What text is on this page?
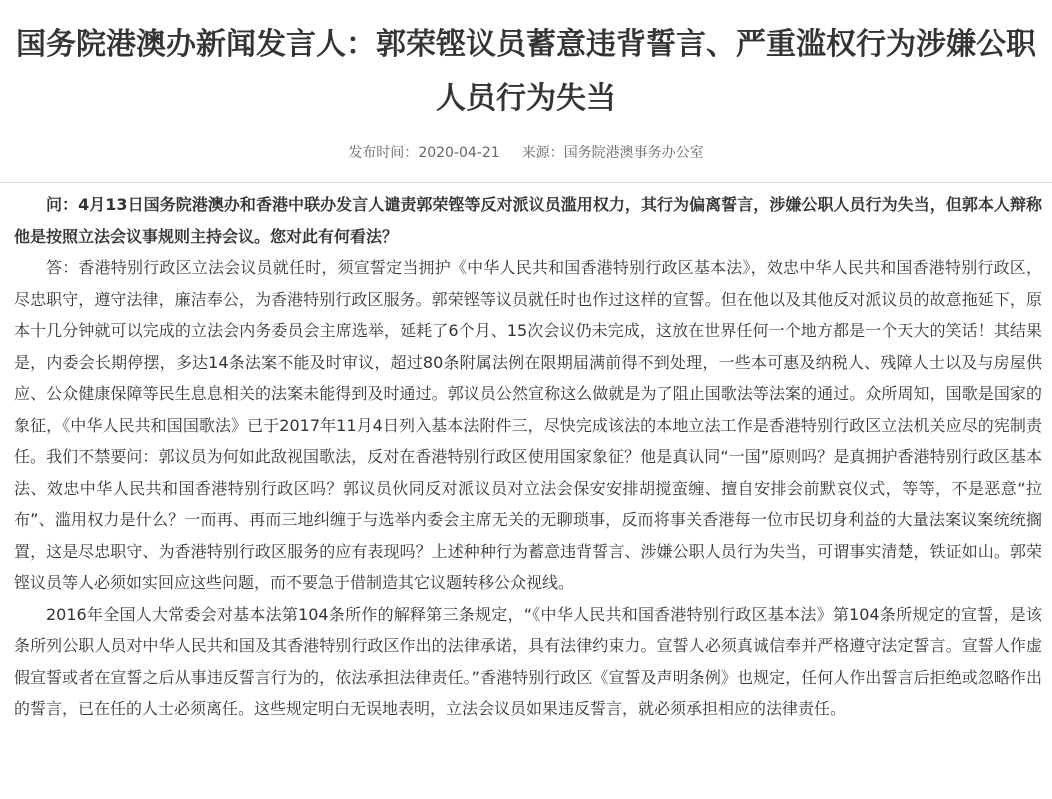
国务院港澳办新闻发言人：郭荣铿议员蓄意违背誓言、严重滥权行为涉嫌公职人员行为失当
发布时间：2020-04-21 来源：国务院港澳事务办公室

问：4月13日国务院港澳办和香港中联办发言人谴责郭荣铿等反对派议员滥用权力，其行为偏离誓言，涉嫌公职人员行为失当，但郭本人辩称他是按照立法会议事规则主持会议。您对此有何看法？

答：香港特别行政区立法会议员就任时，须宣誓定当拥护《中华人民共和国香港特别行政区基本法》，效忠中华人民共和国香港特别行政区，尽忠职守，遵守法律，廉洁奉公，为香港特别行政区服务。郭荣铿等议员就任时也作过这样的宣誓。但在他以及其他反对派议员的故意拖延下，原本十几分钟就可以完成的立法会内务委员会主席选举，延耗了6个月、15次会议仍未完成，这放在世界任何一个地方都是一个天大的笑话！其结果是，内委会长期停摆，多达14条法案不能及时审议，超过80条附属法例在限期届满前得不到处理，一些本可惠及纳税人、残障人士以及与房屋供应、公众健康保障等民生息息相关的法案未能得到及时通过。郭议员公然宣称这么做就是为了阻止国歌法等法案的通过。众所周知，国歌是国家的象征，《中华人民共和国国歌法》已于2017年11月4日列入基本法附件三，尽快完成该法的本地立法工作是香港特别行政区立法机关应尽的宪制责任。我们不禁要问：郭议员为何如此敌视国歌法，反对在香港特别行政区使用国家象征？他是真认同“一国”原则吗？是真拥护香港特别行政区基本法、效忠中华人民共和国香港特别行政区吗？郭议员伙同反对派议员对立法会保安安排胡搅蛮缠、擅自安排会前默哀仪式，等等，不是恶意“拉布”、滥用权力是什么？一而再、再而三地纠缠于与选举内委会主席无关的无聊琐事，反而将事关香港每一位市民切身利益的大量法案议案统统搁置，这是尽忠职守、为香港特别行政区服务的应有表现吗？上述种种行为蓄意违背誓言、涉嫌公职人员行为失当，可谓事实清楚，铁证如山。郭荣铿议员等人必须如实回应这些问题，而不要急于借制造其它议题转移公众视线。

2016年全国人大常委会对基本法第104条所作的解释第三条规定，“《中华人民共和国香港特别行政区基本法》第104条所规定的宣誓，是该条所列公职人员对中华人民共和国及其香港特别行政区作出的法律承诺，具有法律约束力。宣誓人必须真诚信奉并严格遵守法定誓言。宣誓人作虚假宣誓或者在宣誓之后从事违反誓言行为的，依法承担法律责任。”香港特别行政区《宣誓及声明条例》也规定，任何人作出誓言后拒绝或忽略作出的誓言，已在任的人士必须离任。这些规定明白无误地表明，立法会议员如果违反誓言，就必须承担相应的法律责任。
